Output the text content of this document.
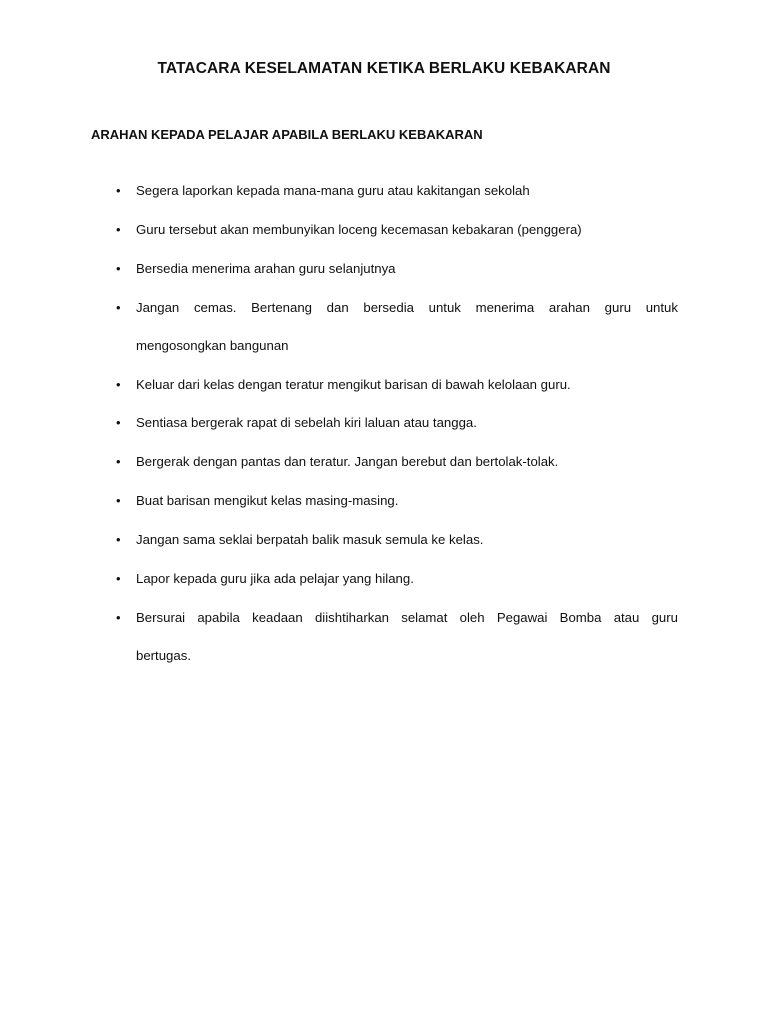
TATACARA KESELAMATAN KETIKA BERLAKU KEBAKARAN
ARAHAN KEPADA PELAJAR APABILA BERLAKU KEBAKARAN
• Segera laporkan kepada mana-mana guru atau kakitangan sekolah
• Guru tersebut akan membunyikan loceng kecemasan kebakaran (penggera)
• Bersedia menerima arahan guru selanjutnya
• Jangan cemas. Bertenang dan bersedia untuk menerima arahan guru untuk
mengosongkan bangunan
• Keluar dari kelas dengan teratur mengikut barisan di bawah kelolaan guru.
• Sentiasa bergerak rapat di sebelah kiri laluan atau tangga.
• Bergerak dengan pantas dan teratur. Jangan berebut dan bertolak-tolak.
• Buat barisan mengikut kelas masing-masing.
• Jangan sama seklai berpatah balik masuk semula ke kelas.
• Lapor kepada guru jika ada pelajar yang hilang.
• Bersurai apabila keadaan diishtiharkan selamat oleh Pegawai Bomba atau guru
bertugas.
